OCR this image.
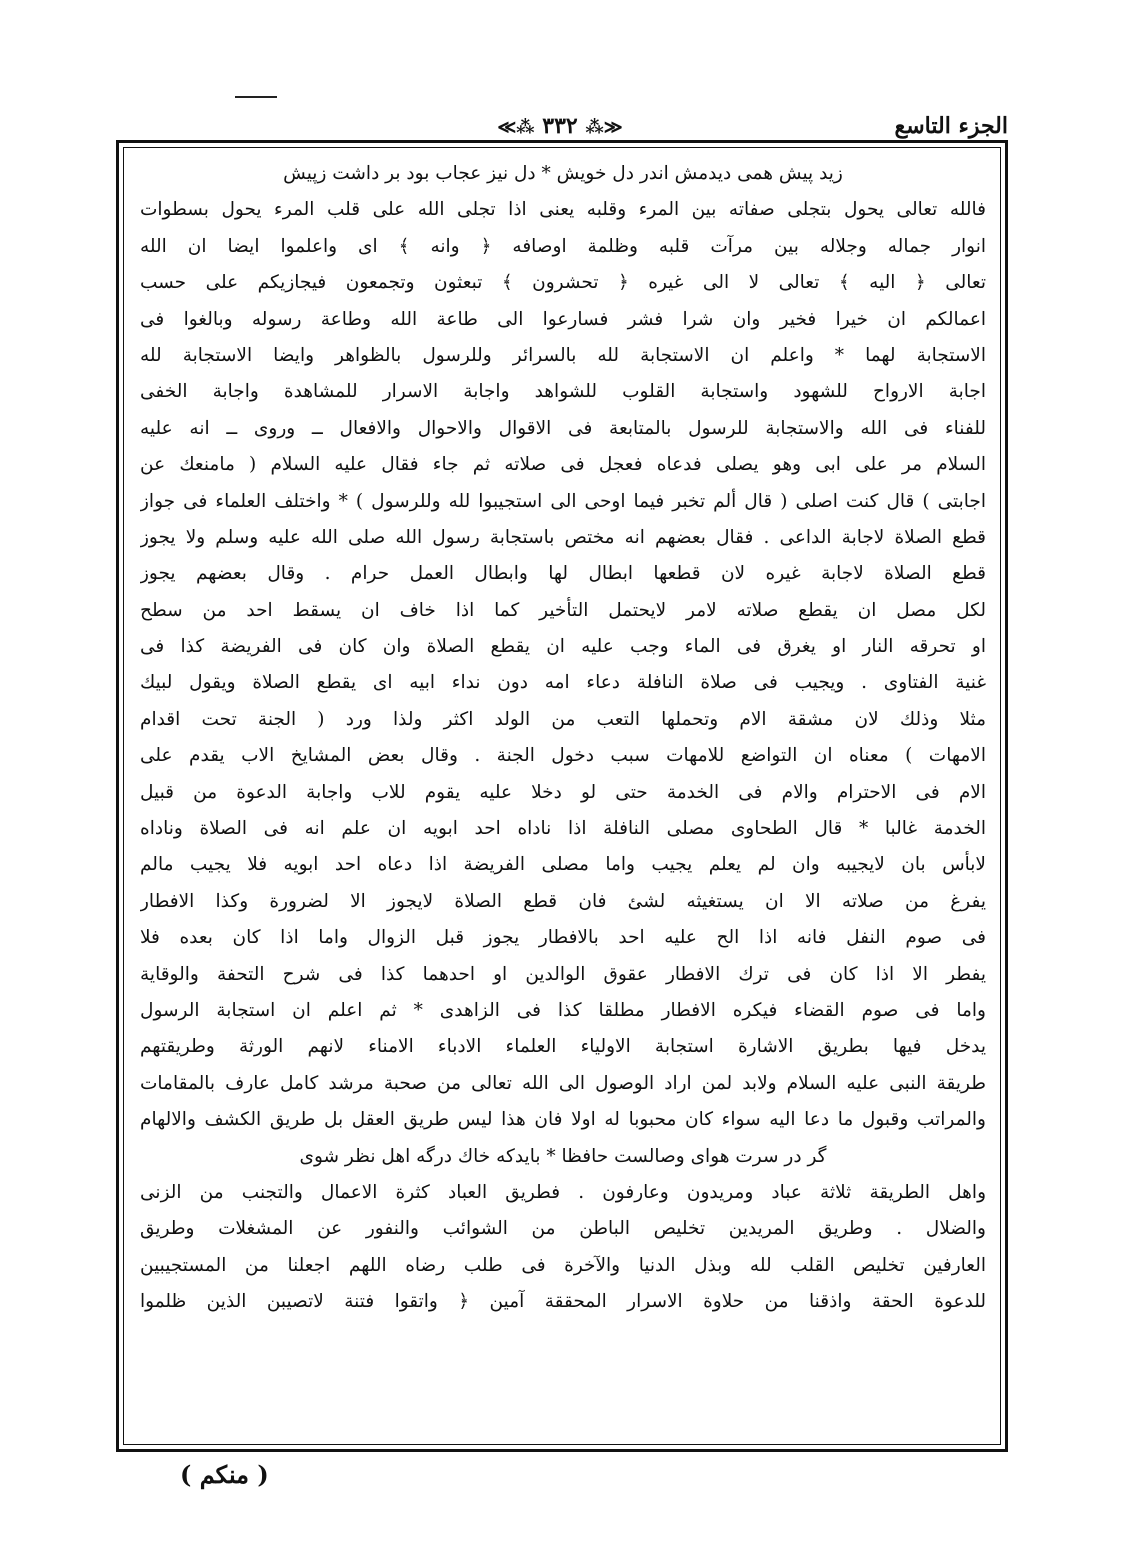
الجزء التاسع
≪⁂ ٣٣٢ ⁂≫
زيد پيش همى ديدمش اندر دل خويش * دل نيز عجاب بود بر داشت زپيش
فالله تعالى يحول بتجلى صفاته بين المرء وقلبه يعنى اذا تجلى الله على قلب المرء يحول بسطوات
انوار جماله وجلاله بين مرآت قلبه وظلمة اوصافه ﴿ وانه ﴾ اى واعلموا ايضا ان الله
تعالى ﴿ اليه ﴾ تعالى لا الى غيره ﴿ تحشرون ﴾ تبعثون وتجمعون فيجازيكم على حسب
اعمالكم ان خيرا فخير وان شرا فشر فسارعوا الى طاعة الله وطاعة رسوله وبالغوا فى
الاستجابة لهما * واعلم ان الاستجابة لله بالسرائر وللرسول بالظواهر وايضا الاستجابة لله
اجابة الارواح للشهود واستجابة القلوب للشواهد واجابة الاسرار للمشاهدة واجابة الخفى
للفناء فى الله والاستجابة للرسول بالمتابعة فى الاقوال والاحوال والافعال ــ وروى ــ انه عليه
السلام مر على ابى وهو يصلى فدعاه فعجل فى صلاته ثم جاء فقال عليه السلام ( مامنعك عن
اجابتى ) قال كنت اصلى ( قال ألم تخبر فيما اوحى الى استجيبوا لله وللرسول ) * واختلف العلماء فى جواز
قطع الصلاة لاجابة الداعى . فقال بعضهم انه مختص باستجابة رسول الله صلى الله عليه وسلم ولا يجوز
قطع الصلاة لاجابة غيره لان قطعها ابطال لها وابطال العمل حرام . وقال بعضهم يجوز
لكل مصل ان يقطع صلاته لامر لايحتمل التأخير كما اذا خاف ان يسقط احد من سطح
او تحرقه النار او يغرق فى الماء وجب عليه ان يقطع الصلاة وان كان فى الفريضة كذا فى
غنية الفتاوى . ويجيب فى صلاة النافلة دعاء امه دون نداء ابيه اى يقطع الصلاة ويقول لبيك
مثلا وذلك لان مشقة الام وتحملها التعب من الولد اكثر ولذا ورد ( الجنة تحت اقدام
الامهات ) معناه ان التواضع للامهات سبب دخول الجنة . وقال بعض المشايخ الاب يقدم على
الام فى الاحترام والام فى الخدمة حتى لو دخلا عليه يقوم للاب واجابة الدعوة من قبيل
الخدمة غالبا * قال الطحاوى مصلى النافلة اذا ناداه احد ابويه ان علم انه فى الصلاة وناداه
لابأس بان لايجيبه وان لم يعلم يجيب واما مصلى الفريضة اذا دعاه احد ابويه فلا يجيب مالم
يفرغ من صلاته الا ان يستغيثه لشئ فان قطع الصلاة لايجوز الا لضرورة وكذا الافطار
فى صوم النفل فانه اذا الح عليه احد بالافطار يجوز قبل الزوال واما اذا كان بعده فلا
يفطر الا اذا كان فى ترك الافطار عقوق الوالدين او احدهما كذا فى شرح التحفة والوقاية
واما فى صوم القضاء فيكره الافطار مطلقا كذا فى الزاهدى * ثم اعلم ان استجابة الرسول
يدخل فيها بطريق الاشارة استجابة الاولياء العلماء الادباء الامناء لانهم الورثة وطريقتهم
طريقة النبى عليه السلام ولابد لمن اراد الوصول الى الله تعالى من صحبة مرشد كامل عارف بالمقامات
والمراتب وقبول ما دعا اليه سواء كان محبوبا له اولا فان هذا ليس طريق العقل بل طريق الكشف والالهام
گر در سرت هواى وصالست حافظا * بايدكه خاك درگه اهل نظر شوى
واهل الطريقة ثلاثة عباد ومريدون وعارفون . فطريق العباد كثرة الاعمال والتجنب من الزنى
والضلال . وطريق المريدين تخليص الباطن من الشوائب والنفور عن المشغلات وطريق
العارفين تخليص القلب لله وبذل الدنيا والآخرة فى طلب رضاه اللهم اجعلنا من المستجيبين
للدعوة الحقة واذقنا من حلاوة الاسرار المحققة آمين ﴿ واتقوا فتنة لاتصيبن الذين ظلموا
( منكم )
